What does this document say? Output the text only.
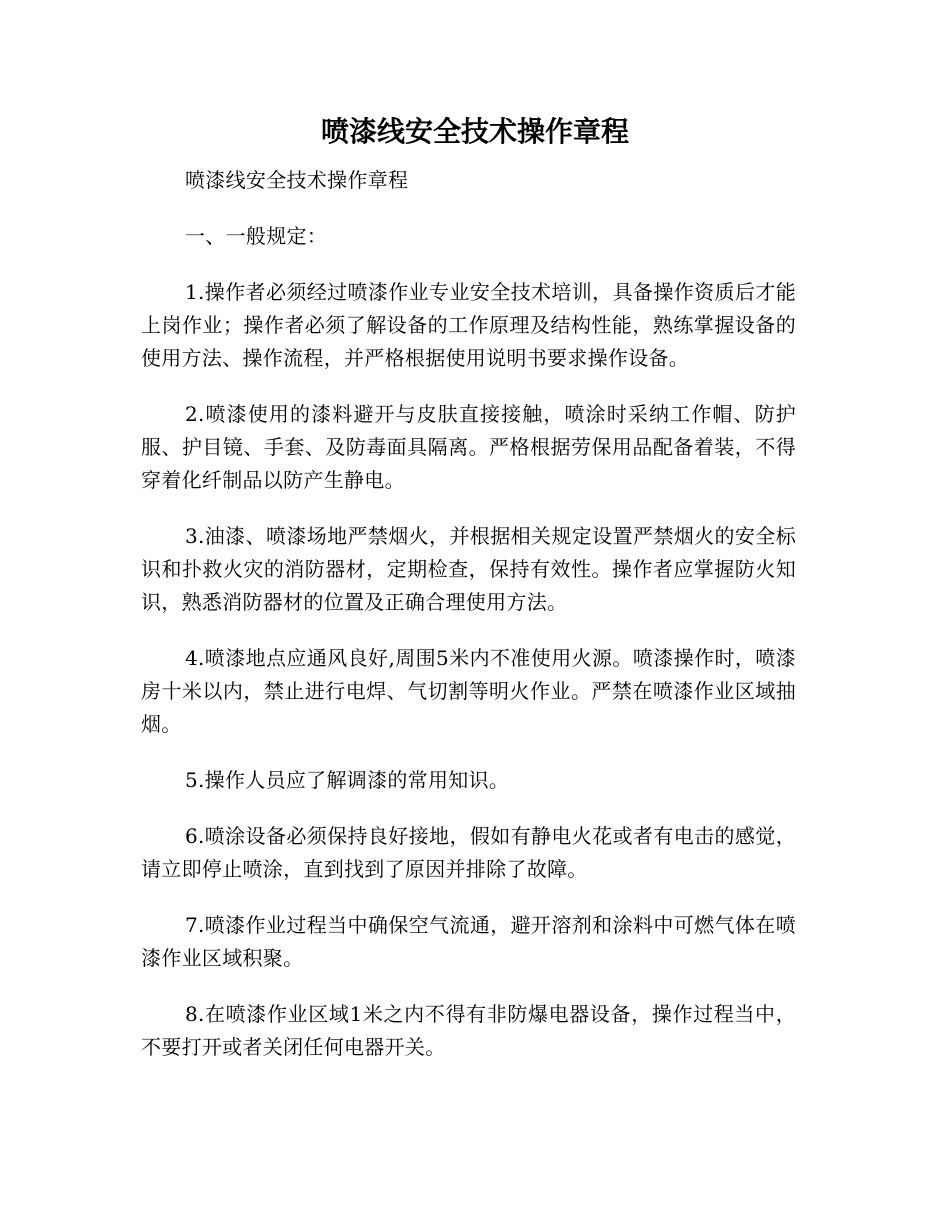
喷漆线安全技术操作章程

喷漆线安全技术操作章程

一、一般规定：

1.操作者必须经过喷漆作业专业安全技术培训，具备操作资质后才能上岗作业；操作者必须了解设备的工作原理及结构性能，熟练掌握设备的使用方法、操作流程，并严格根据使用说明书要求操作设备。

2.喷漆使用的漆料避开与皮肤直接接触，喷涂时采纳工作帽、防护服、护目镜、手套、及防毒面具隔离。严格根据劳保用品配备着装，不得穿着化纤制品以防产生静电。

3.油漆、喷漆场地严禁烟火，并根据相关规定设置严禁烟火的安全标识和扑救火灾的消防器材，定期检查，保持有效性。操作者应掌握防火知识，熟悉消防器材的位置及正确合理使用方法。

4.喷漆地点应通风良好,周围5米内不准使用火源。喷漆操作时，喷漆房十米以内，禁止进行电焊、气切割等明火作业。严禁在喷漆作业区域抽烟。

5.操作人员应了解调漆的常用知识。

6.喷涂设备必须保持良好接地，假如有静电火花或者有电击的感觉，请立即停止喷涂，直到找到了原因并排除了故障。

7.喷漆作业过程当中确保空气流通，避开溶剂和涂料中可燃气体在喷漆作业区域积聚。

8.在喷漆作业区域1米之内不得有非防爆电器设备，操作过程当中，不要打开或者关闭任何电器开关。
